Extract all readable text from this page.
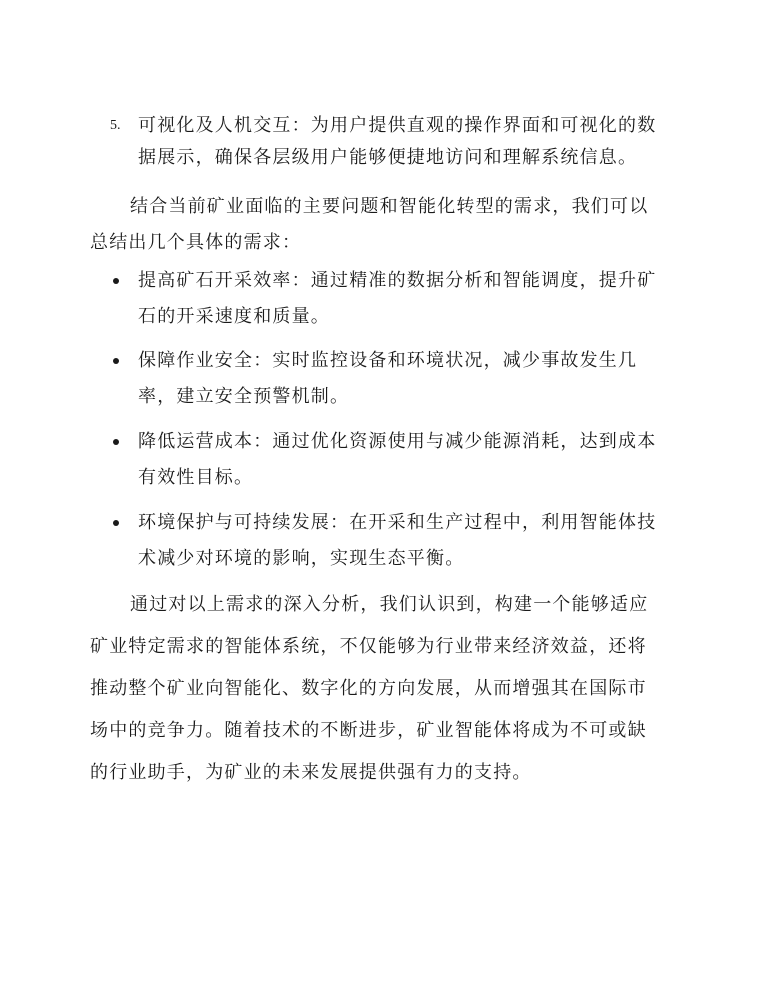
5. 可视化及人机交互：为用户提供直观的操作界面和可视化的数
据展示，确保各层级用户能够便捷地访问和理解系统信息。
结合当前矿业面临的主要问题和智能化转型的需求，我们可以
总结出几个具体的需求：
提高矿石开采效率：通过精准的数据分析和智能调度，提升矿
石的开采速度和质量。
保障作业安全：实时监控设备和环境状况，减少事故发生几
率，建立安全预警机制。
降低运营成本：通过优化资源使用与减少能源消耗，达到成本
有效性目标。
环境保护与可持续发展：在开采和生产过程中，利用智能体技
术减少对环境的影响，实现生态平衡。
通过对以上需求的深入分析，我们认识到，构建一个能够适应
矿业特定需求的智能体系统，不仅能够为行业带来经济效益，还将
推动整个矿业向智能化、数字化的方向发展，从而增强其在国际市
场中的竞争力。随着技术的不断进步，矿业智能体将成为不可或缺
的行业助手，为矿业的未来发展提供强有力的支持。
